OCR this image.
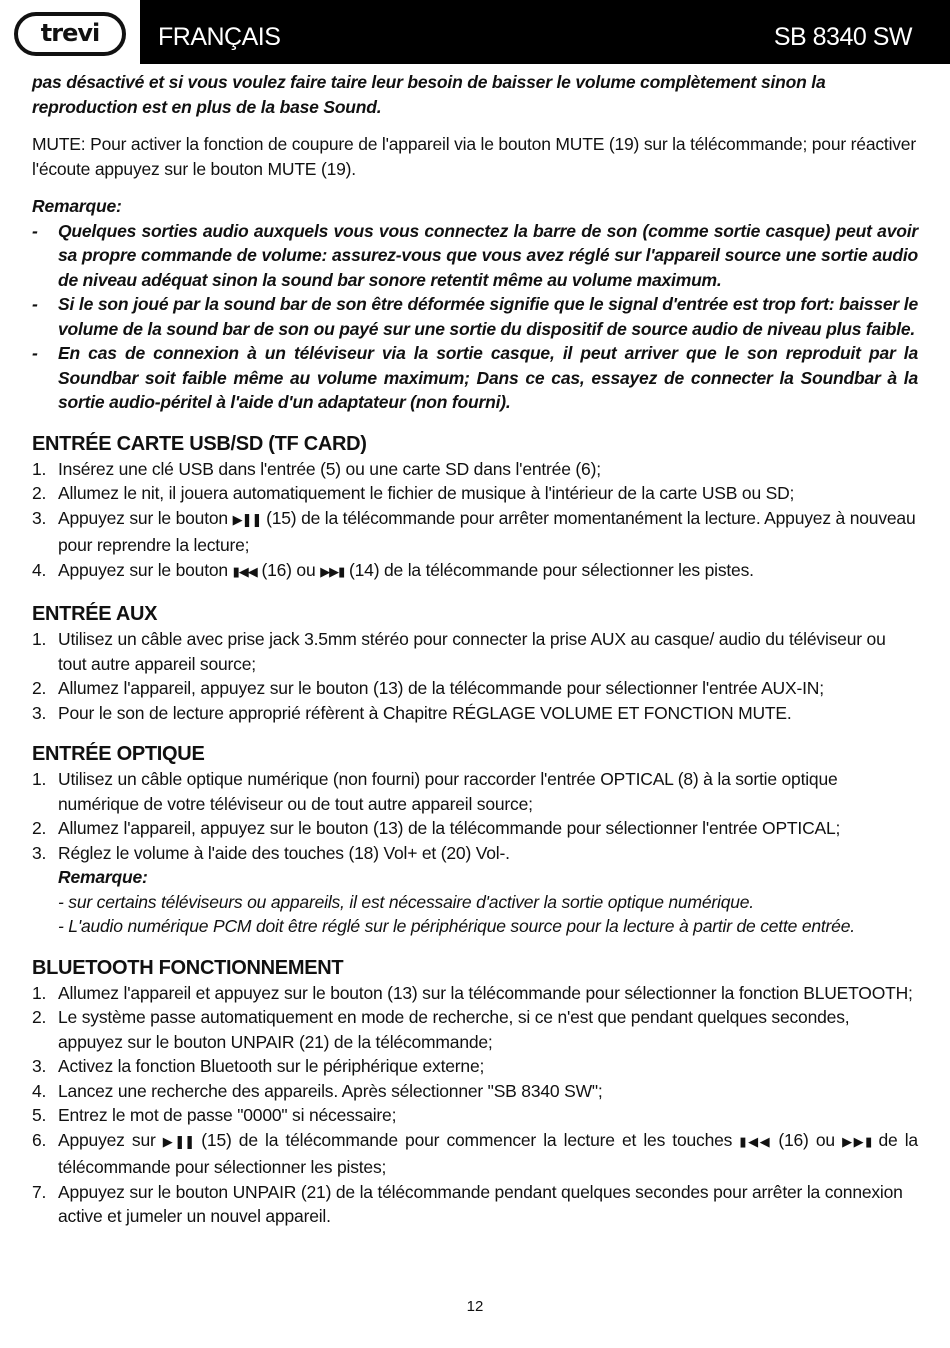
trevi FRANÇAIS	SB 8340 SW

pas désactivé et si vous voulez faire taire leur besoin de baisser le volume complètement sinon la reproduction est en plus de la base Sound.

MUTE: Pour activer la fonction de coupure de l'appareil via le bouton MUTE (19) sur la télécommande; pour réactiver l'écoute appuyez sur le bouton MUTE (19).

Remarque:

- Quelques sorties audio auxquels vous vous connectez la barre de son (comme sortie casque) peut avoir sa propre commande de volume: assurez-vous que vous avez réglé sur l'appareil source une sortie audio de niveau adéquat sinon la sound bar sonore retentit même au volume maximum.
- Si le son joué par la sound bar de son être déformée signifie que le signal d'entrée est trop fort: baisser le volume de la sound bar de son ou payé sur une sortie du dispositif de source audio de niveau plus faible.
- En cas de connexion à un téléviseur via la sortie casque, il peut arriver que le son reproduit par la Soundbar soit faible même au volume maximum; Dans ce cas, essayez de connecter la Soundbar à la sortie audio-péritel à l'aide d'un adaptateur (non fourni).
ENTRÉE CARTE USB/SD (TF CARD)
1. Insérez une clé USB dans l'entrée (5) ou une carte SD dans l'entrée (6);
2. Allumez le nit, il jouera automatiquement le fichier de musique à l'intérieur de la carte USB ou SD;
3. Appuyez sur le bouton ▶❚❚ (15) de la télécommande pour arrêter momentanément la lecture. Appuyez à nouveau pour reprendre la lecture;
4. Appuyez sur le bouton ▮◀◀ (16) ou ▶▶▮ (14) de la télécommande pour sélectionner les pistes.
ENTRÉE AUX
1. Utilisez un câble avec prise jack 3.5mm stéréo pour connecter la prise AUX au casque/ audio du téléviseur ou tout autre appareil source;
2. Allumez l'appareil, appuyez sur le bouton (13) de la télécommande pour sélectionner l'entrée AUX-IN;
3. Pour le son de lecture approprié réfèrent à Chapitre RÉGLAGE VOLUME ET FONCTION MUTE.
ENTRÉE OPTIQUE
1. Utilisez un câble optique numérique (non fourni) pour raccorder l'entrée OPTICAL (8) à la sortie optique numérique de votre téléviseur ou de tout autre appareil source;
2. Allumez l'appareil, appuyez sur le bouton (13) de la télécommande pour sélectionner l'entrée OPTICAL;
3. Réglez le volume à l'aide des touches (18) Vol+ et (20) Vol-.

Remarque:

- sur certains téléviseurs ou appareils, il est nécessaire d'activer la sortie optique numérique.

- L'audio numérique PCM doit être réglé sur le périphérique source pour la lecture à partir de cette entrée.

BLUETOOTH FONCTIONNEMENT
1. Allumez l'appareil et appuyez sur le bouton (13) sur la télécommande pour sélectionner la fonction BLUETOOTH;
2. Le système passe automatiquement en mode de recherche, si ce n'est que pendant quelques secondes, appuyez sur le bouton UNPAIR (21) de la télécommande;
3. Activez la fonction Bluetooth sur le périphérique externe;
4. Lancez une recherche des appareils. Après sélectionner "SB 8340 SW";
5. Entrez le mot de passe "0000" si nécessaire;
6. Appuyez sur ▶❚❚ (15) de la télécommande pour commencer la lecture et les touches ▮◀◀ (16) ou ▶▶▮ de la télécommande pour sélectionner les pistes;
7. Appuyez sur le bouton UNPAIR (21) de la télécommande pendant quelques secondes pour arrêter la connexion active et jumeler un nouvel appareil.
12
